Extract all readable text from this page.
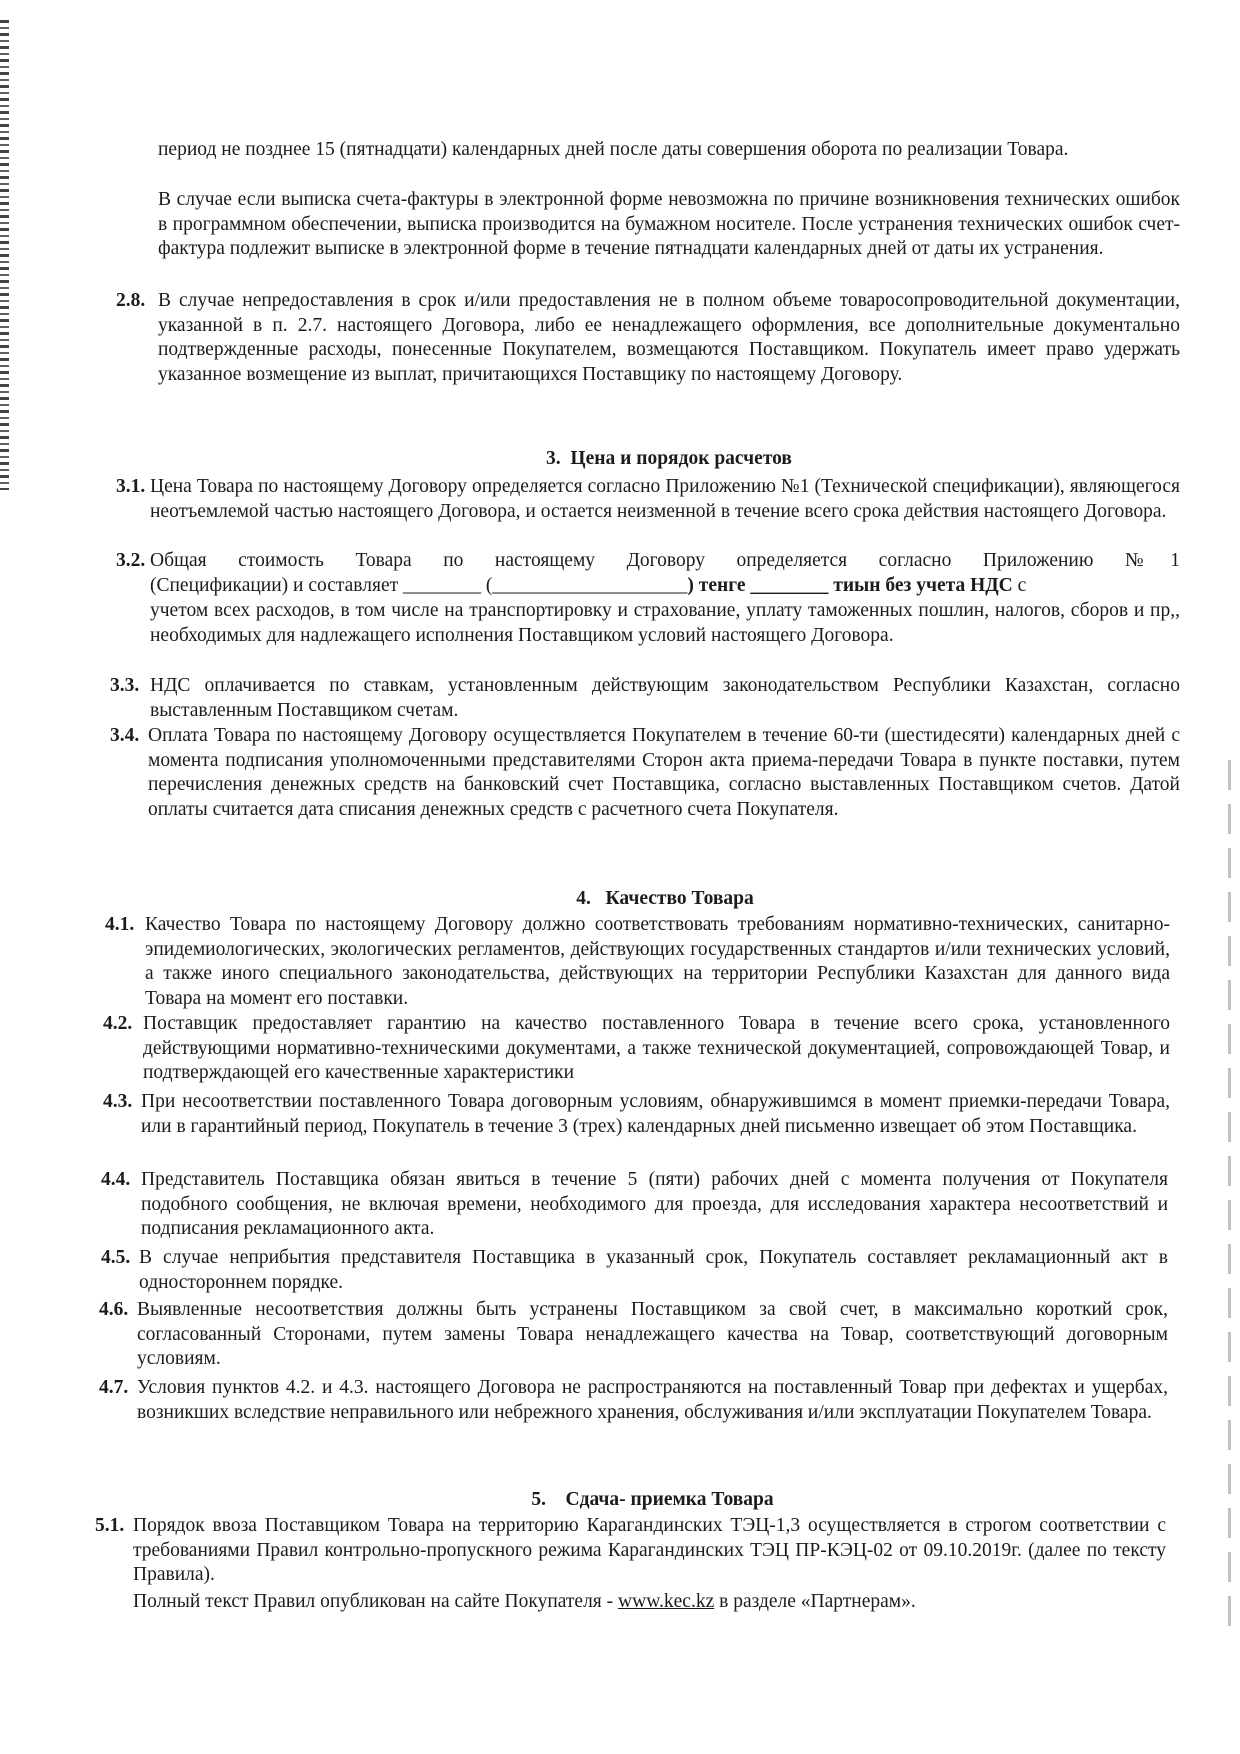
период не позднее 15 (пятнадцати) календарных дней после даты совершения оборота по реализации Товара.
В случае если выписка счета-фактуры в электронной форме невозможна по причине возникновения технических ошибок в программном обеспечении, выписка производится на бумажном носителе. После устранения технических ошибок счет-фактура подлежит выписке в электронной форме в течение пятнадцати календарных дней от даты их устранения.
2.8. В случае непредоставления в срок и/или предоставления не в полном объеме товаросопроводительной документации, указанной в п. 2.7. настоящего Договора, либо ее ненадлежащего оформления, все дополнительные документально подтвержденные расходы, понесенные Покупателем, возмещаются Поставщиком. Покупатель имеет право удержать указанное возмещение из выплат, причитающихся Поставщику по настоящему Договору.
3.  Цена и порядок расчетов
3.1. Цена Товара по настоящему Договору определяется согласно Приложению №1 (Технической спецификации), являющегося неотъемлемой частью настоящего Договора, и остается неизменной в течение всего срока действия настоящего Договора.
3.2. Общая стоимость Товара по настоящему Договору определяется согласно Приложению №1
(Спецификации) и составляет ________ (____________________) тенге ________ тиын без учета НДС с
учетом всех расходов, в том числе на транспортировку и страхование, уплату таможенных пошлин, налогов, сборов и пр,, необходимых для надлежащего исполнения Поставщиком условий настоящего Договора.
3.3. НДС оплачивается по ставкам, установленным действующим законодательством Республики Казахстан, согласно выставленным Поставщиком счетам.
3.4. Оплата Товара по настоящему Договору осуществляется Покупателем в течение 60-ти (шестидесяти) календарных дней с момента подписания уполномоченными представителями Сторон акта приема-передачи Товара в пункте поставки, путем перечисления денежных средств на банковский счет Поставщика, согласно выставленных Поставщиком счетов. Датой оплаты считается дата списания денежных средств с расчетного счета Покупателя.
4.   Качество Товара
4.1. Качество Товара по настоящему Договору должно соответствовать требованиям нормативно-технических, санитарно-эпидемиологических, экологических регламентов, действующих государственных стандартов и/или технических условий, а также иного специального законодательства, действующих на территории Республики Казахстан для данного вида Товара на момент его поставки.
4.2. Поставщик предоставляет гарантию на качество поставленного Товара в течение всего срока, установленного действующими нормативно-техническими документами, а также технической документацией, сопровождающей Товар, и подтверждающей его качественные характеристики
4.3. При несоответствии поставленного Товара договорным условиям, обнаружившимся в момент приемки-передачи Товара, или в гарантийный период, Покупатель в течение 3 (трех) календарных дней письменно извещает об этом Поставщика.
4.4. Представитель Поставщика обязан явиться в течение 5 (пяти) рабочих дней с момента получения от Покупателя подобного сообщения, не включая времени, необходимого для проезда, для исследования характера несоответствий и подписания рекламационного акта.
4.5. В случае неприбытия представителя Поставщика в указанный срок, Покупатель составляет рекламационный акт в одностороннем порядке.
4.6. Выявленные несоответствия должны быть устранены Поставщиком за свой счет, в максимально короткий срок, согласованный Сторонами, путем замены Товара ненадлежащего качества на Товар, соответствующий договорным условиям.
4.7. Условия пунктов 4.2. и 4.3. настоящего Договора не распространяются на поставленный Товар при дефектах и ущербах, возникших вследствие неправильного или небрежного хранения, обслуживания и/или эксплуатации Покупателем Товара.
5.    Сдача- приемка Товара
5.1. Порядок ввоза Поставщиком Товара на территорию Карагандинских ТЭЦ-1,3 осуществляется в строгом соответствии с требованиями Правил контрольно-пропускного режима Карагандинских ТЭЦ ПР-КЭЦ-02 от 09.10.2019г. (далее по тексту Правила).
Полный текст Правил опубликован на сайте Покупателя - www.kec.kz в разделе «Партнерам».
